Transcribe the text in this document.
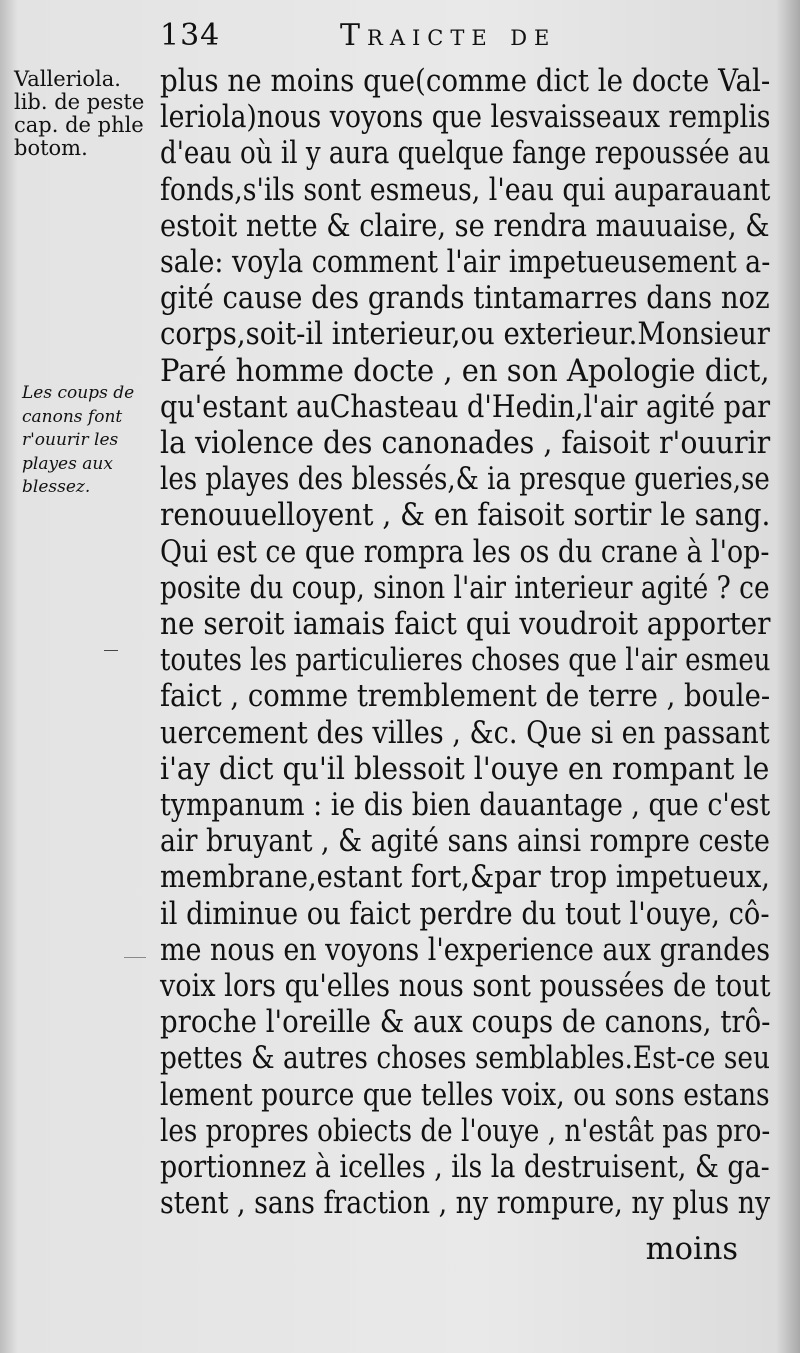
134	Traicte de
Valleriola.
lib. de peste
cap. de phle
botom.
Les coups de
canons font
r'ouurir les
playes aux
blessez.
plus ne moins que(comme dict le docte Val-
leriola)nous voyons que lesvaisseaux remplis
d'eau où il y aura quelque fange repoussée au
fonds,s'ils sont esmeus, l'eau qui auparauant
estoit nette & claire, se rendra mauuaise, &
sale: voyla comment l'air impetueusement a-
gité cause des grands tintamarres dans noz
corps,soit-il interieur,ou exterieur.Monsieur
Paré homme docte , en son Apologie dict,
qu'estant auChasteau d'Hedin,l'air agité par
la violence des canonades , faisoit r'ouurir
les playes des blessés,& ia presque gueries,se
renouuelloyent , & en faisoit sortir le sang.
Qui est ce que rompra les os du crane à l'op-
posite du coup, sinon l'air interieur agité ? ce
ne seroit iamais faict qui voudroit apporter
toutes les particulieres choses que l'air esmeu
faict , comme tremblement de terre , boule-
uercement des villes , &c. Que si en passant
i'ay dict qu'il blessoit l'ouye en rompant le
tympanum : ie dis bien dauantage , que c'est
air bruyant , & agité sans ainsi rompre ceste
membrane,estant fort,&par trop impetueux,
il diminue ou faict perdre du tout l'ouye, cô-
me nous en voyons l'experience aux grandes
voix lors qu'elles nous sont poussées de tout
proche l'oreille & aux coups de canons, trô-
pettes & autres choses semblables.Est-ce seu
lement pource que telles voix, ou sons estans
les propres obiects de l'ouye , n'estât pas pro-
portionnez à icelles , ils la destruisent, & ga-
stent , sans fraction , ny rompure, ny plus ny
moins
